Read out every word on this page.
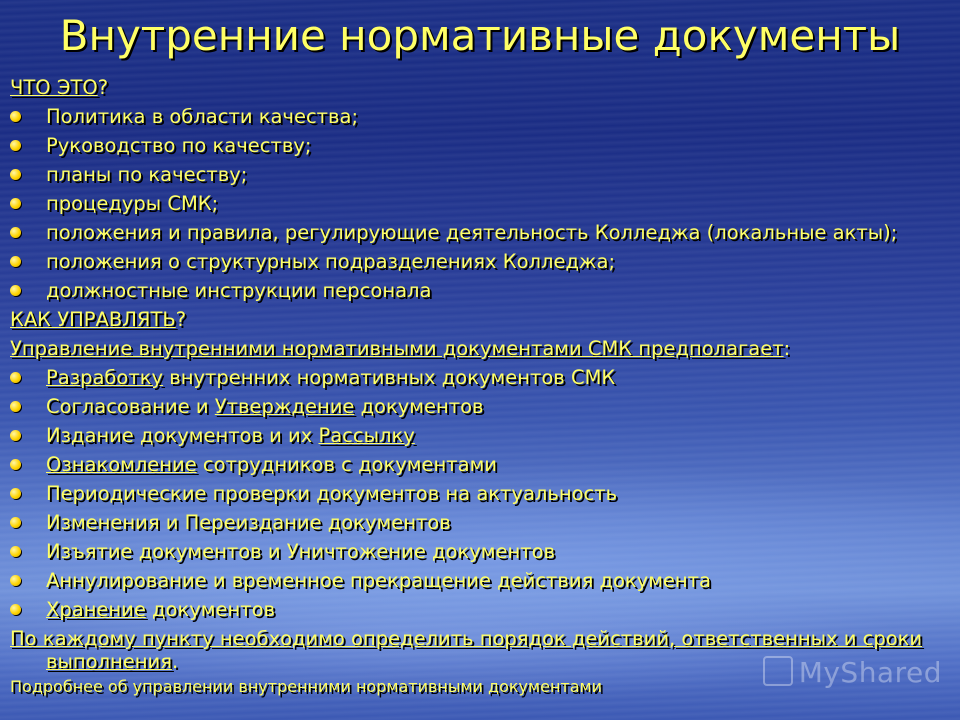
Внутренние нормативные документы
ЧТО ЭТО?
Политика в области качества;
Руководство по качеству;
планы по качеству;
процедуры СМК;
положения и правила, регулирующие деятельность Колледжа (локальные акты);
положения о структурных подразделениях Колледжа;
должностные инструкции персонала
КАК УПРАВЛЯТЬ?
Управление внутренними нормативными документами СМК предполагает:
Разработку внутренних нормативных документов СМК
Согласование и Утверждение документов
Издание документов и их Рассылку
Ознакомление сотрудников с документами
Периодические проверки документов на актуальность
Изменения и Переиздание документов
Изъятие документов и Уничтожение документов
Аннулирование и временное прекращение действия документа
Хранение документов
По каждому пункту необходимо определить порядок действий, ответственных и сроки выполнения.
Подробнее об управлении внутренними нормативными документами	MyShared
